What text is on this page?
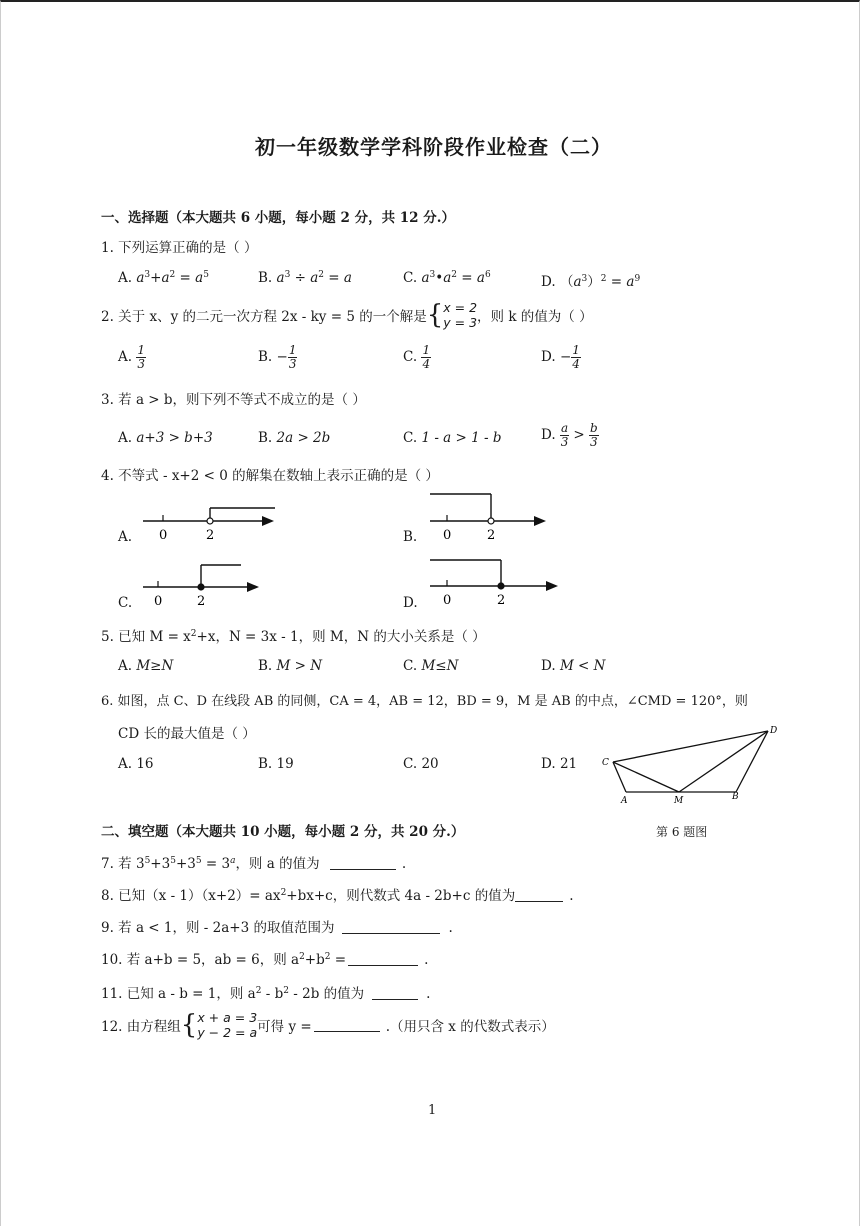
初一年级数学学科阶段作业检查（二）
一、选择题（本大题共 6 小题，每小题 2 分，共 12 分.）
1. 下列运算正确的是（ ）
A. $a^3+a^2 = a^5$	B. $a^3 \div a^2 = a$	C. $a^3•a^2 = a^6$	D. $(a^3)^2 = a^9$
2. 关于 x、y 的二元一次方程 2x - ky = 5 的一个解是{ x = 2
y = 3 ，则 k 的值为（ ）
A. $\frac{1}{3}$	B. − $\frac{1}{3}$	C. $\frac{1}{4}$	D. − $\frac{1}{4}$
3. 若 a > b，则下列不等式不成立的是（ ）
A. a+3 > b+3	B. 2a > 2b	C. 1 - a > 1 - b	D. $\frac{a}{3} > \frac{b}{3}$
4. 不等式 - x+2 < 0 的解集在数轴上表示正确的是（ ）
A. 0	2	B. 0	2
C. 0	2	D. 0	2
5. 已知 $M = x^2+x$，N = 3x - 1，则 M，N 的大小关系是（ ）
A. M≥N	B. M > N	C. M≤N	D. M < N
6. 如图，点 C、D 在线段 AB 的同侧，CA = 4，AB = 12，BD = 9，M 是 AB 的中点，∠CMD = 120°，则
CD 长的最大值是（ ）
A. 16	B. 19	C. 20	D. 21	C
D
A	M	B
第 6 题图
二、填空题（本大题共 10 小题，每小题 2 分，共 20 分.）
7. 若 $3^5+3^5+3^5 = 3^a$，则 a 的值为	.
8. 已知$(x - 1)(x+2)= ax^2+bx+c$，则代数式 4a - 2b+c 的值为	.
9. 若 a < 1，则 - 2a+3 的取值范围为	.
10. 若 a+b = 5，ab = 6，则 $a^2+b^2$ =	.
11. 已知 a - b = 1，则 $a^2 - b^2 - 2b$ 的值为	.
12. 由方程组{ x + a = 3
y − 2 = a 可得 y =	.（用只含 x 的代数式表示）
1
